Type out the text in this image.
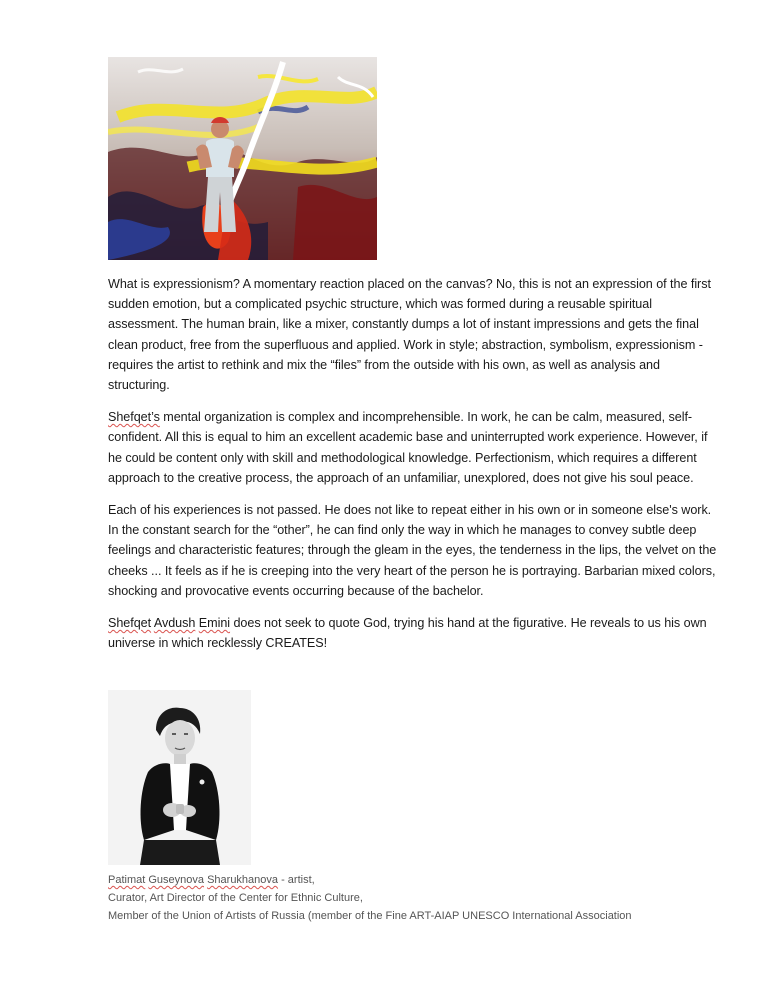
What is expressionism? A momentary reaction placed on the canvas? No, this is not an expression of the first sudden emotion, but a complicated psychic structure, which was formed during a reusable spiritual assessment. The human brain, like a mixer, constantly dumps a lot of instant impressions and gets the final clean product, free from the superfluous and applied. Work in style; abstraction, symbolism, expressionism - requires the artist to rethink and mix the “files” from the outside with his own, as well as analysis and structuring.

Shefqet’s mental organization is complex and incomprehensible. In work, he can be calm, measured, self-confident. All this is equal to him an excellent academic base and uninterrupted work experience. However, if he could be content only with skill and methodological knowledge. Perfectionism, which requires a different approach to the creative process, the approach of an unfamiliar, unexplored, does not give his soul peace.

Each of his experiences is not passed. He does not like to repeat either in his own or in someone else's work. In the constant search for the “other”, he can find only the way in which he manages to convey subtle deep feelings and characteristic features; through the gleam in the eyes, the tenderness in the lips, the velvet on the cheeks ... It feels as if he is creeping into the very heart of the person he is portraying. Barbarian mixed colors, shocking and provocative events occurring because of the bachelor.

Shefqet Avdush Emini does not seek to quote God, trying his hand at the figurative. He reveals to us his own universe in which recklessly CREATES!

Patimat Guseynova Sharukhanova - artist,
Curator, Art Director of the Center for Ethnic Culture,
Member of the Union of Artists of Russia (member of the Fine ART-AIAP UNESCO International Association
